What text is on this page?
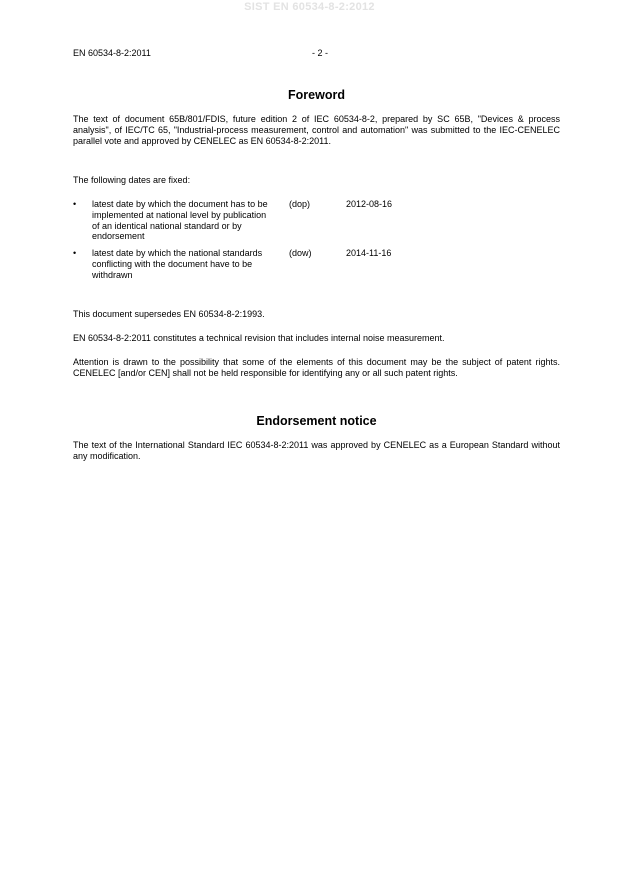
SIST EN 60534-8-2:2012
EN 60534-8-2:2011	- 2 -
Foreword
The text of document 65B/801/FDIS, future edition 2 of IEC 60534-8-2, prepared by SC 65B, "Devices & process analysis", of IEC/TC 65, "Industrial-process measurement, control and automation" was submitted to the IEC-CENELEC parallel vote and approved by CENELEC as EN 60534-8-2:2011.
The following dates are fixed:
• latest date by which the document has to be implemented at national level by publication of an identical national standard or by endorsement
(dop)	2012-08-16
• latest date by which the national standards conflicting with the document have to be withdrawn
(dow)	2014-11-16
This document supersedes EN 60534-8-2:1993.
EN 60534-8-2:2011 constitutes a technical revision that includes internal noise measurement.
Attention is drawn to the possibility that some of the elements of this document may be the subject of patent rights. CENELEC [and/or CEN] shall not be held responsible for identifying any or all such patent rights.
Endorsement notice
The text of the International Standard IEC 60534-8-2:2011 was approved by CENELEC as a European Standard without any modification.
